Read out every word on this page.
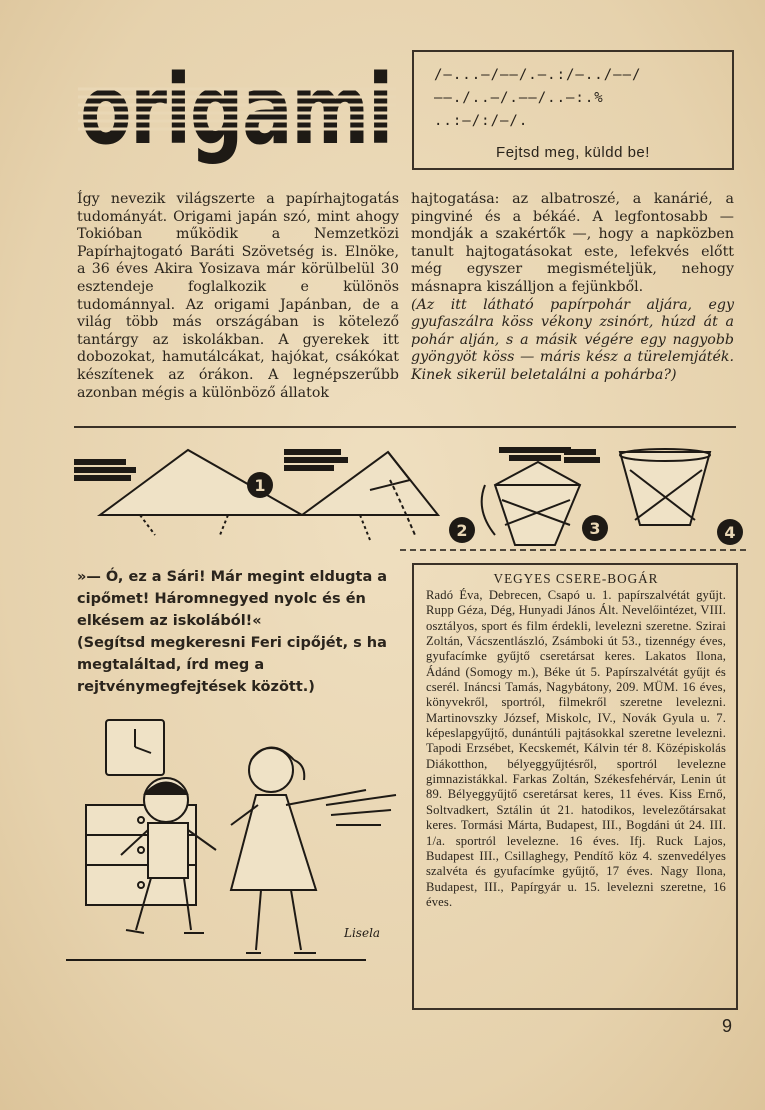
origami	/—...—/——/.—.:/—../——/
——./..—/.——/..—:.%
..:—/:/—/.
Fejtsd meg, küldd be!
Így nevezik világszerte a papírhajtogatás tudományát. Origami japán szó, mint ahogy Tokióban működik a Nemzetközi Papírhajtogató Baráti Szövetség is. Elnöke, a 36 éves Akira Yosizava már körülbelül 30 esztendeje foglalkozik e különös tudománnyal. Az origami Japánban, de a világ több más országában is kötelező tantárgy az iskolákban. A gyerekek itt dobozokat, hamutálcákat, hajókat, csákókat készítenek az órákon. A legnépszerűbb azonban mégis a különböző állatok
hajtogatása: az albatroszé, a kanárié, a pingviné és a békáé. A legfontosabb — mondják a szakértők —, hogy a napközben tanult hajtogatásokat este, lefekvés előtt még egyszer megismételjük, nehogy másnapra kiszálljon a fejünkből.
(Az itt látható papírpohár aljára, egy gyufaszálra köss vékony zsinórt, húzd át a pohár alján, s a másik végére egy nagyobb gyöngyöt köss — máris kész a türelemjáték. Kinek sikerül beletalálni a pohárba?)
1
2	3	4

»— Ó, ez a Sári! Már megint eldugta a cipőmet! Háromnegyed nyolc és én elkésem az iskolából!«

(Segítsd megkeresni Feri cipőjét, s ha megtaláltad, írd meg a rejtvénymegfejtések között.)

Lisela
VEGYES CSERE-BOGÁR
Radó Éva, Debrecen, Csapó u. 1. papírszalvétát gyűjt. Rupp Géza, Dég, Hunyadi János Ált. Nevelőintézet, VIII. osztályos, sport és film érdekli, levelezni szeretne. Szirai Zoltán, Vácszentlászló, Zsámboki út 53., tizennégy éves, gyufacímke gyűjtő cseretársat keres. Lakatos Ilona, Ádánd (Somogy m.), Béke út 5. Papírszalvétát gyűjt és cserél. Ináncsi Tamás, Nagybátony, 209. MÜM. 16 éves, könyvekről, sportról, filmekről szeretne levelezni. Martinovszky József, Miskolc, IV., Novák Gyula u. 7. képeslapgyűjtő, dunántúli pajtásokkal szeretne levelezni. Tapodi Erzsébet, Kecskemét, Kálvin tér 8. Középiskolás Diákotthon, bélyeggyűjtésről, sportról levelezne gimnazistákkal. Farkas Zoltán, Székesfehérvár, Lenin út 89. Bélyeggyűjtő cseretársat keres, 11 éves. Kiss Ernő, Soltvadkert, Sztálin út 21. hatodikos, levelezőtársakat keres. Tormási Márta, Budapest, III., Bogdáni út 24. III. 1/a. sportról levelezne. 16 éves. Ifj. Ruck Lajos, Budapest III., Csillaghegy, Pendítő köz 4. szenvedélyes szalvéta és gyufacímke gyűjtő, 17 éves. Nagy Ilona, Budapest, III., Papírgyár u. 15. levelezni szeretne, 16 éves.
9
